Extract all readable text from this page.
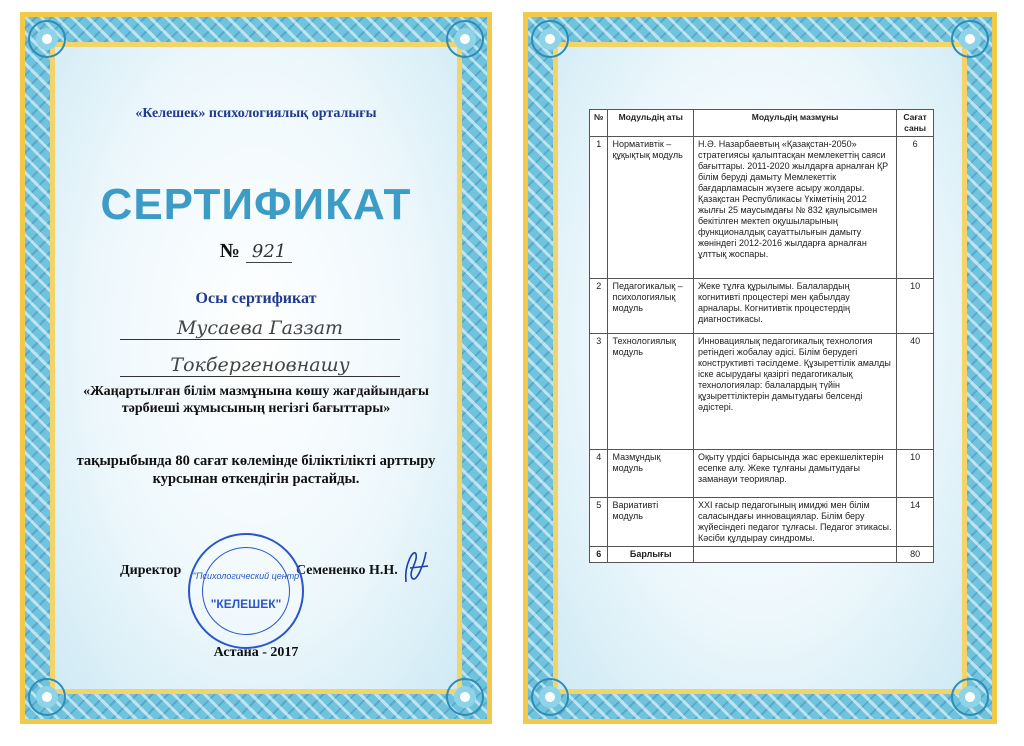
«Келешек» психологиялық орталығы
СЕРТИФИКАТ
№ 921
Осы сертификат
Мусаева Газзат
Токбергеновнашу
«Жаңартылған білім мазмұнына көшу жағдайындағы тәрбиеші жұмысының негізгі бағыттары»
тақырыбында 80 сағат көлемінде біліктілікті арттыру курсынан өткендігін растайды.
Директор	Семененко Н.Н.
"Психологический центр
"КЕЛЕШЕК"
Астана - 2017
№	Модульдің аты	Модульдің мазмұны	Сағат саны
1	Нормативтік – құқықтық модуль	Н.Ә. Назарбаевтың «Қазақстан-2050» стратегиясы қалыптасқан мемлекеттің саяси бағыттары. 2011-2020 жылдарға арналған ҚР білім беруді дамыту Мемлекеттік бағдарламасын жүзеге асыру жолдары. Қазақстан Республикасы Үкіметінің 2012 жылғы 25 маусымдағы № 832 қаулысымен бекітілген мектеп оқушыларының функционалдық сауаттылығын дамыту жөніндегі 2012-2016 жылдарға арналған ұлттық жоспары.	6
2	Педагогикалық – психологиялық модуль	Жеке тұлға құрылымы. Балалардың когнитивті процестері мен қабылдау арналары. Когнитивтік процестердің диагностикасы.	10
3	Технологиялық модуль	Инновациялық педагогикалық технология ретіндегі жобалау әдісі. Білім берудегі конструктивті тәсілдеме. Құзыреттілік амалды іске асырудағы қазіргі педагогикалық технологиялар: балалардың түйін құзыреттіліктерін дамытудағы белсенді әдістері.	40
4	Мазмұндық модуль	Оқыту үрдісі барысында жас ерекшеліктерін есепке алу. Жеке тұлғаны дамытудағы заманауи теориялар.	10
5	Вариативті модуль	XXI ғасыр педагогының имиджі мен білім саласындағы инновациялар. Білім беру жүйесіндегі педагог тұлғасы. Педагог этикасы. Кәсіби құлдырау синдромы.	14
6	Барлығы		80
